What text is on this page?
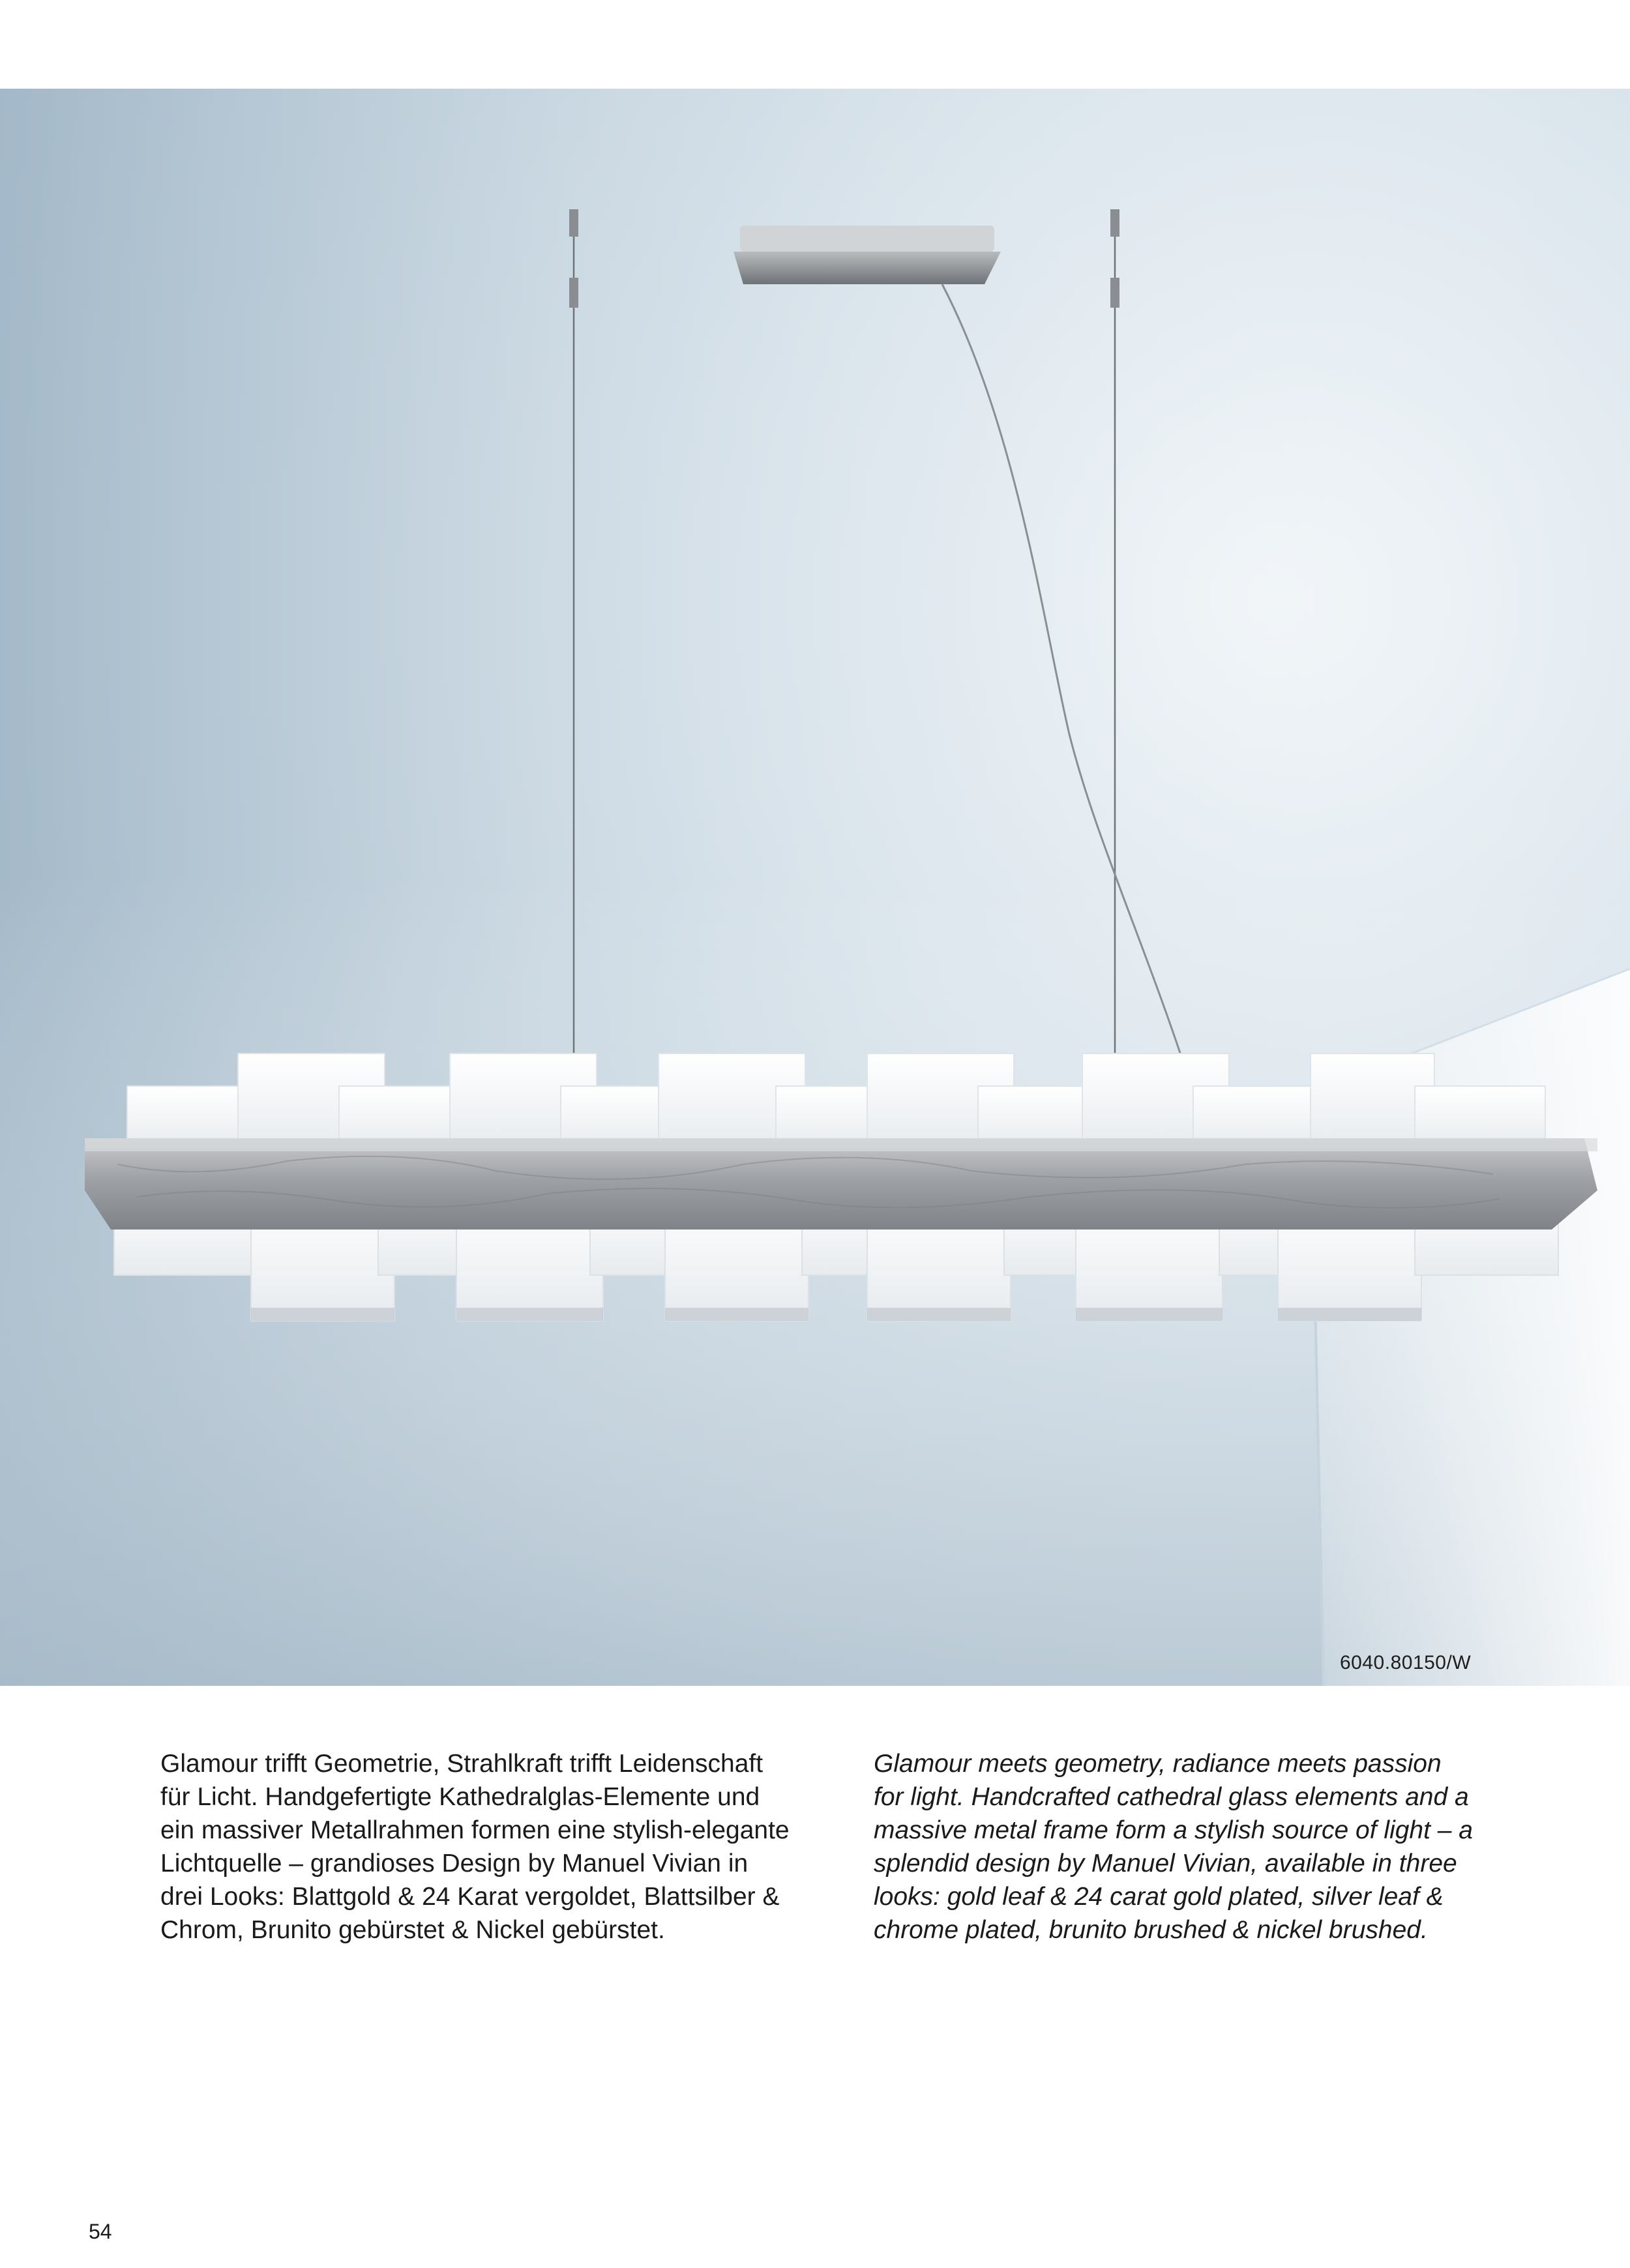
6040.80150/W

Glamour trifft Geometrie, Strahlkraft trifft Leidenschaft
für Licht. Handgefertigte Kathedralglas-Elemente und
ein massiver Metallrahmen formen eine stylish-elegante
Lichtquelle – grandioses Design by Manuel Vivian in
drei Looks: Blattgold & 24 Karat vergoldet, Blattsilber &
Chrom, Brunito gebürstet & Nickel gebürstet.

Glamour meets geometry, radiance meets passion
for light. Handcrafted cathedral glass elements and a
massive metal frame form a stylish source of light – a
splendid design by Manuel Vivian, available in three
looks: gold leaf & 24 carat gold plated, silver leaf &
chrome plated, brunito brushed & nickel brushed.

54
